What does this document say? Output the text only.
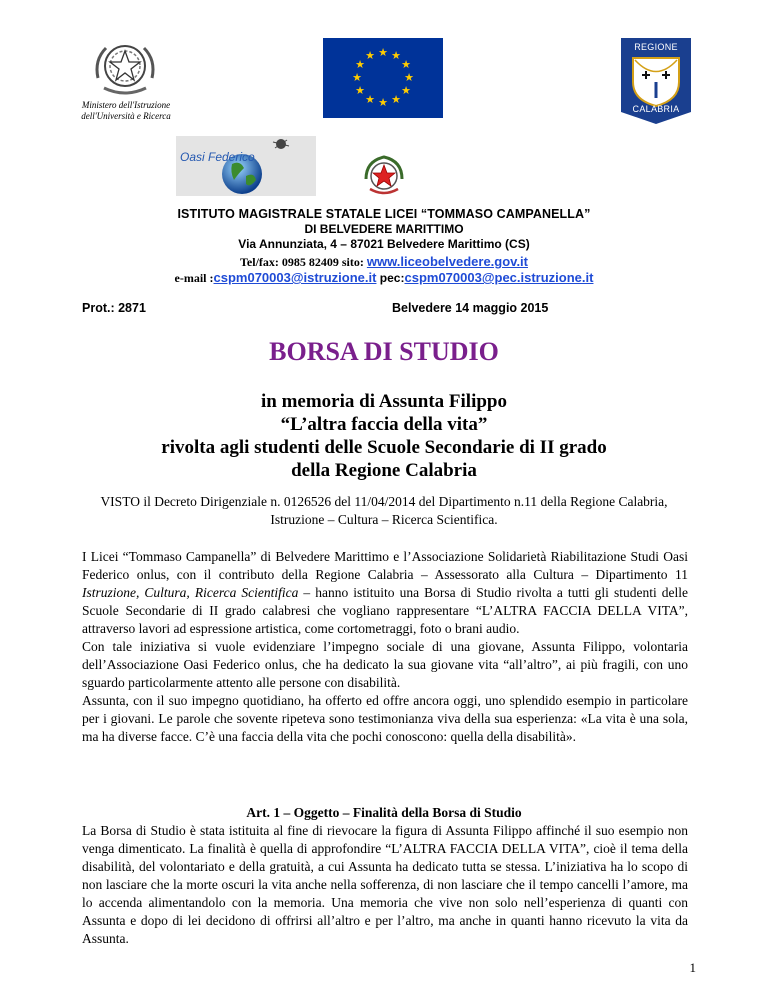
Ministero dell'Istruzione
dell'Università e Ricerca
★ ★
★
★
★
★
★
★
★
★
★
★
REGIONE
CALABRIA
Oasi Federico
ISTITUTO MAGISTRALE STATALE LICEI “TOMMASO CAMPANELLA”
DI BELVEDERE MARITTIMO
Via Annunziata, 4 – 87021 Belvedere Marittimo (CS)
Tel/fax: 0985 82409 sito: www.liceobelvedere.gov.it
e-mail :cspm070003@istruzione.it pec:cspm070003@pec.istruzione.it
Prot.: 2871	Belvedere 14 maggio 2015
BORSA DI STUDIO
in memoria di Assunta Filippo
“L’altra faccia della vita”
rivolta agli studenti delle Scuole Secondarie di II grado
della Regione Calabria
VISTO il Decreto Dirigenziale n. 0126526 del 11/04/2014 del Dipartimento n.11 della Regione Calabria, Istruzione – Cultura – Ricerca Scientifica.

I Licei “Tommaso Campanella” di Belvedere Marittimo e l’Associazione Solidarietà Riabilitazione Studi Oasi Federico onlus, con il contributo della Regione Calabria – Assessorato alla Cultura – Dipartimento 11 Istruzione, Cultura, Ricerca Scientifica – hanno istituito una Borsa di Studio rivolta a tutti gli studenti delle Scuole Secondarie di II grado calabresi che vogliano rappresentare “L’ALTRA FACCIA DELLA VITA”, attraverso lavori ad espressione artistica, come cortometraggi, foto o brani audio.

Con tale iniziativa si vuole evidenziare l’impegno sociale di una giovane, Assunta Filippo, volontaria dell’Associazione Oasi Federico onlus, che ha dedicato la sua giovane vita “all’altro”, ai più fragili, con uno sguardo particolarmente attento alle persone con disabilità.

Assunta, con il suo impegno quotidiano, ha offerto ed offre ancora oggi, uno splendido esempio in particolare per i giovani. Le parole che sovente ripeteva sono testimonianza viva della sua esperienza: «La vita è una sola, ma ha diverse facce. C’è una faccia della vita che pochi conoscono: quella della disabilità».

Art. 1 – Oggetto – Finalità della Borsa di Studio

La Borsa di Studio è stata istituita al fine di rievocare la figura di Assunta Filippo affinché il suo esempio non venga dimenticato. La finalità è quella di approfondire “L’ALTRA FACCIA DELLA VITA”, cioè il tema della disabilità, del volontariato e della gratuità, a cui Assunta ha dedicato tutta se stessa. L’iniziativa ha lo scopo di non lasciare che la morte oscuri la vita anche nella sofferenza, di non lasciare che il tempo cancelli l’amore, ma lo accenda alimentandolo con la memoria. Una memoria che vive non solo nell’esperienza di quanti con Assunta e dopo di lei decidono di offrirsi all’altro e per l’altro, ma anche in quanti hanno ricevuto la vita da Assunta.

1
